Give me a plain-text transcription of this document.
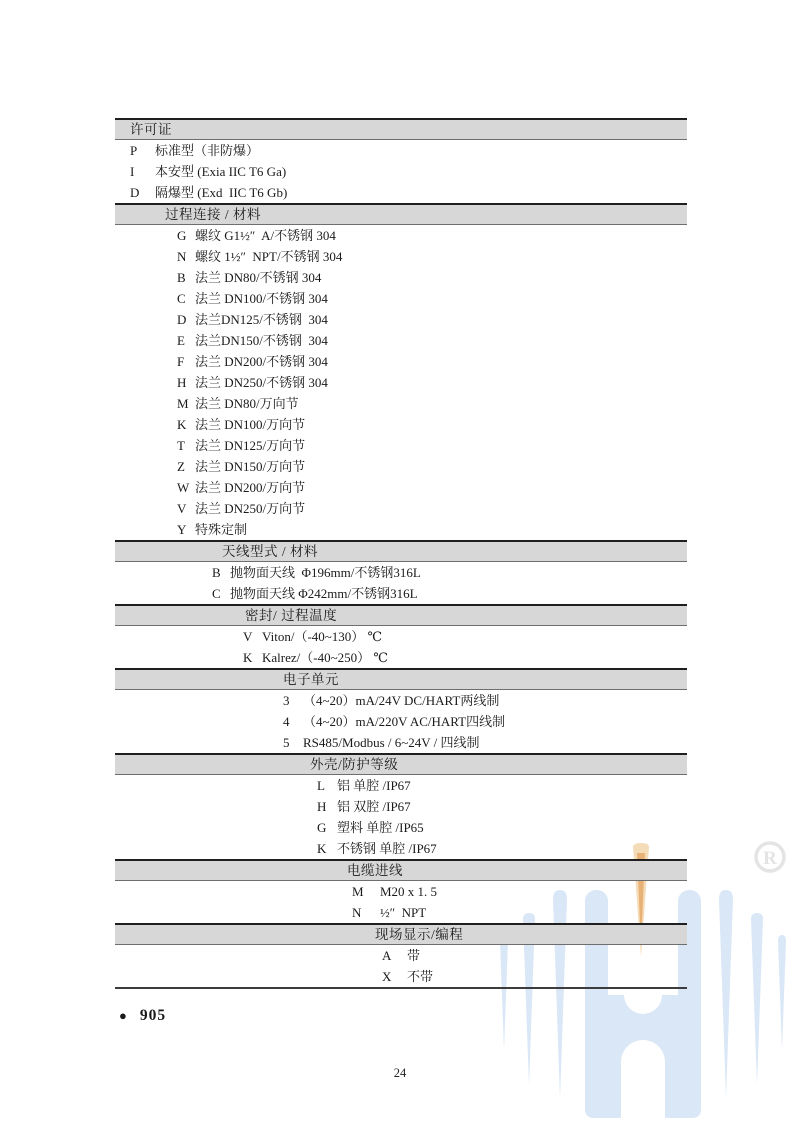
R
许可证
P	标准型（非防爆）
I	本安型 (Exia IIC T6 Ga)
D	隔爆型 (Exd  IIC T6 Gb)
过程连接 / 材料
G 螺纹 G1½″  A/不锈钢 304
N 螺纹 1½″  NPT/不锈钢 304
B 法兰 DN80/不锈钢 304
C 法兰 DN100/不锈钢 304
D 法兰DN125/不锈钢  304
E 法兰DN150/不锈钢  304
F 法兰 DN200/不锈钢 304
H 法兰 DN250/不锈钢 304
M 法兰 DN80/万向节
K 法兰 DN100/万向节
T 法兰 DN125/万向节
Z 法兰 DN150/万向节
W 法兰 DN200/万向节
V 法兰 DN250/万向节
Y 特殊定制
天线型式 / 材料
B 抛物面天线  Φ196mm/不锈钢316L
C 抛物面天线 Φ242mm/不锈钢316L
密封/ 过程温度
V Viton/（-40~130） ℃
K Kalrez/（-40~250） ℃
电子单元
3	（4~20）mA/24V DC/HART两线制
4	（4~20）mA/220V AC/HART四线制
5	RS485/Modbus / 6~24V / 四线制
外壳/防护等级
L 铝 单腔 /IP67
H 铝 双腔 /IP67
G 塑料 单腔 /IP65
K 不锈钢 单腔 /IP67
电缆进线
M	M20 x 1. 5
N	½″  NPT
现场显示/编程
A	带
X	不带
● 905
24
